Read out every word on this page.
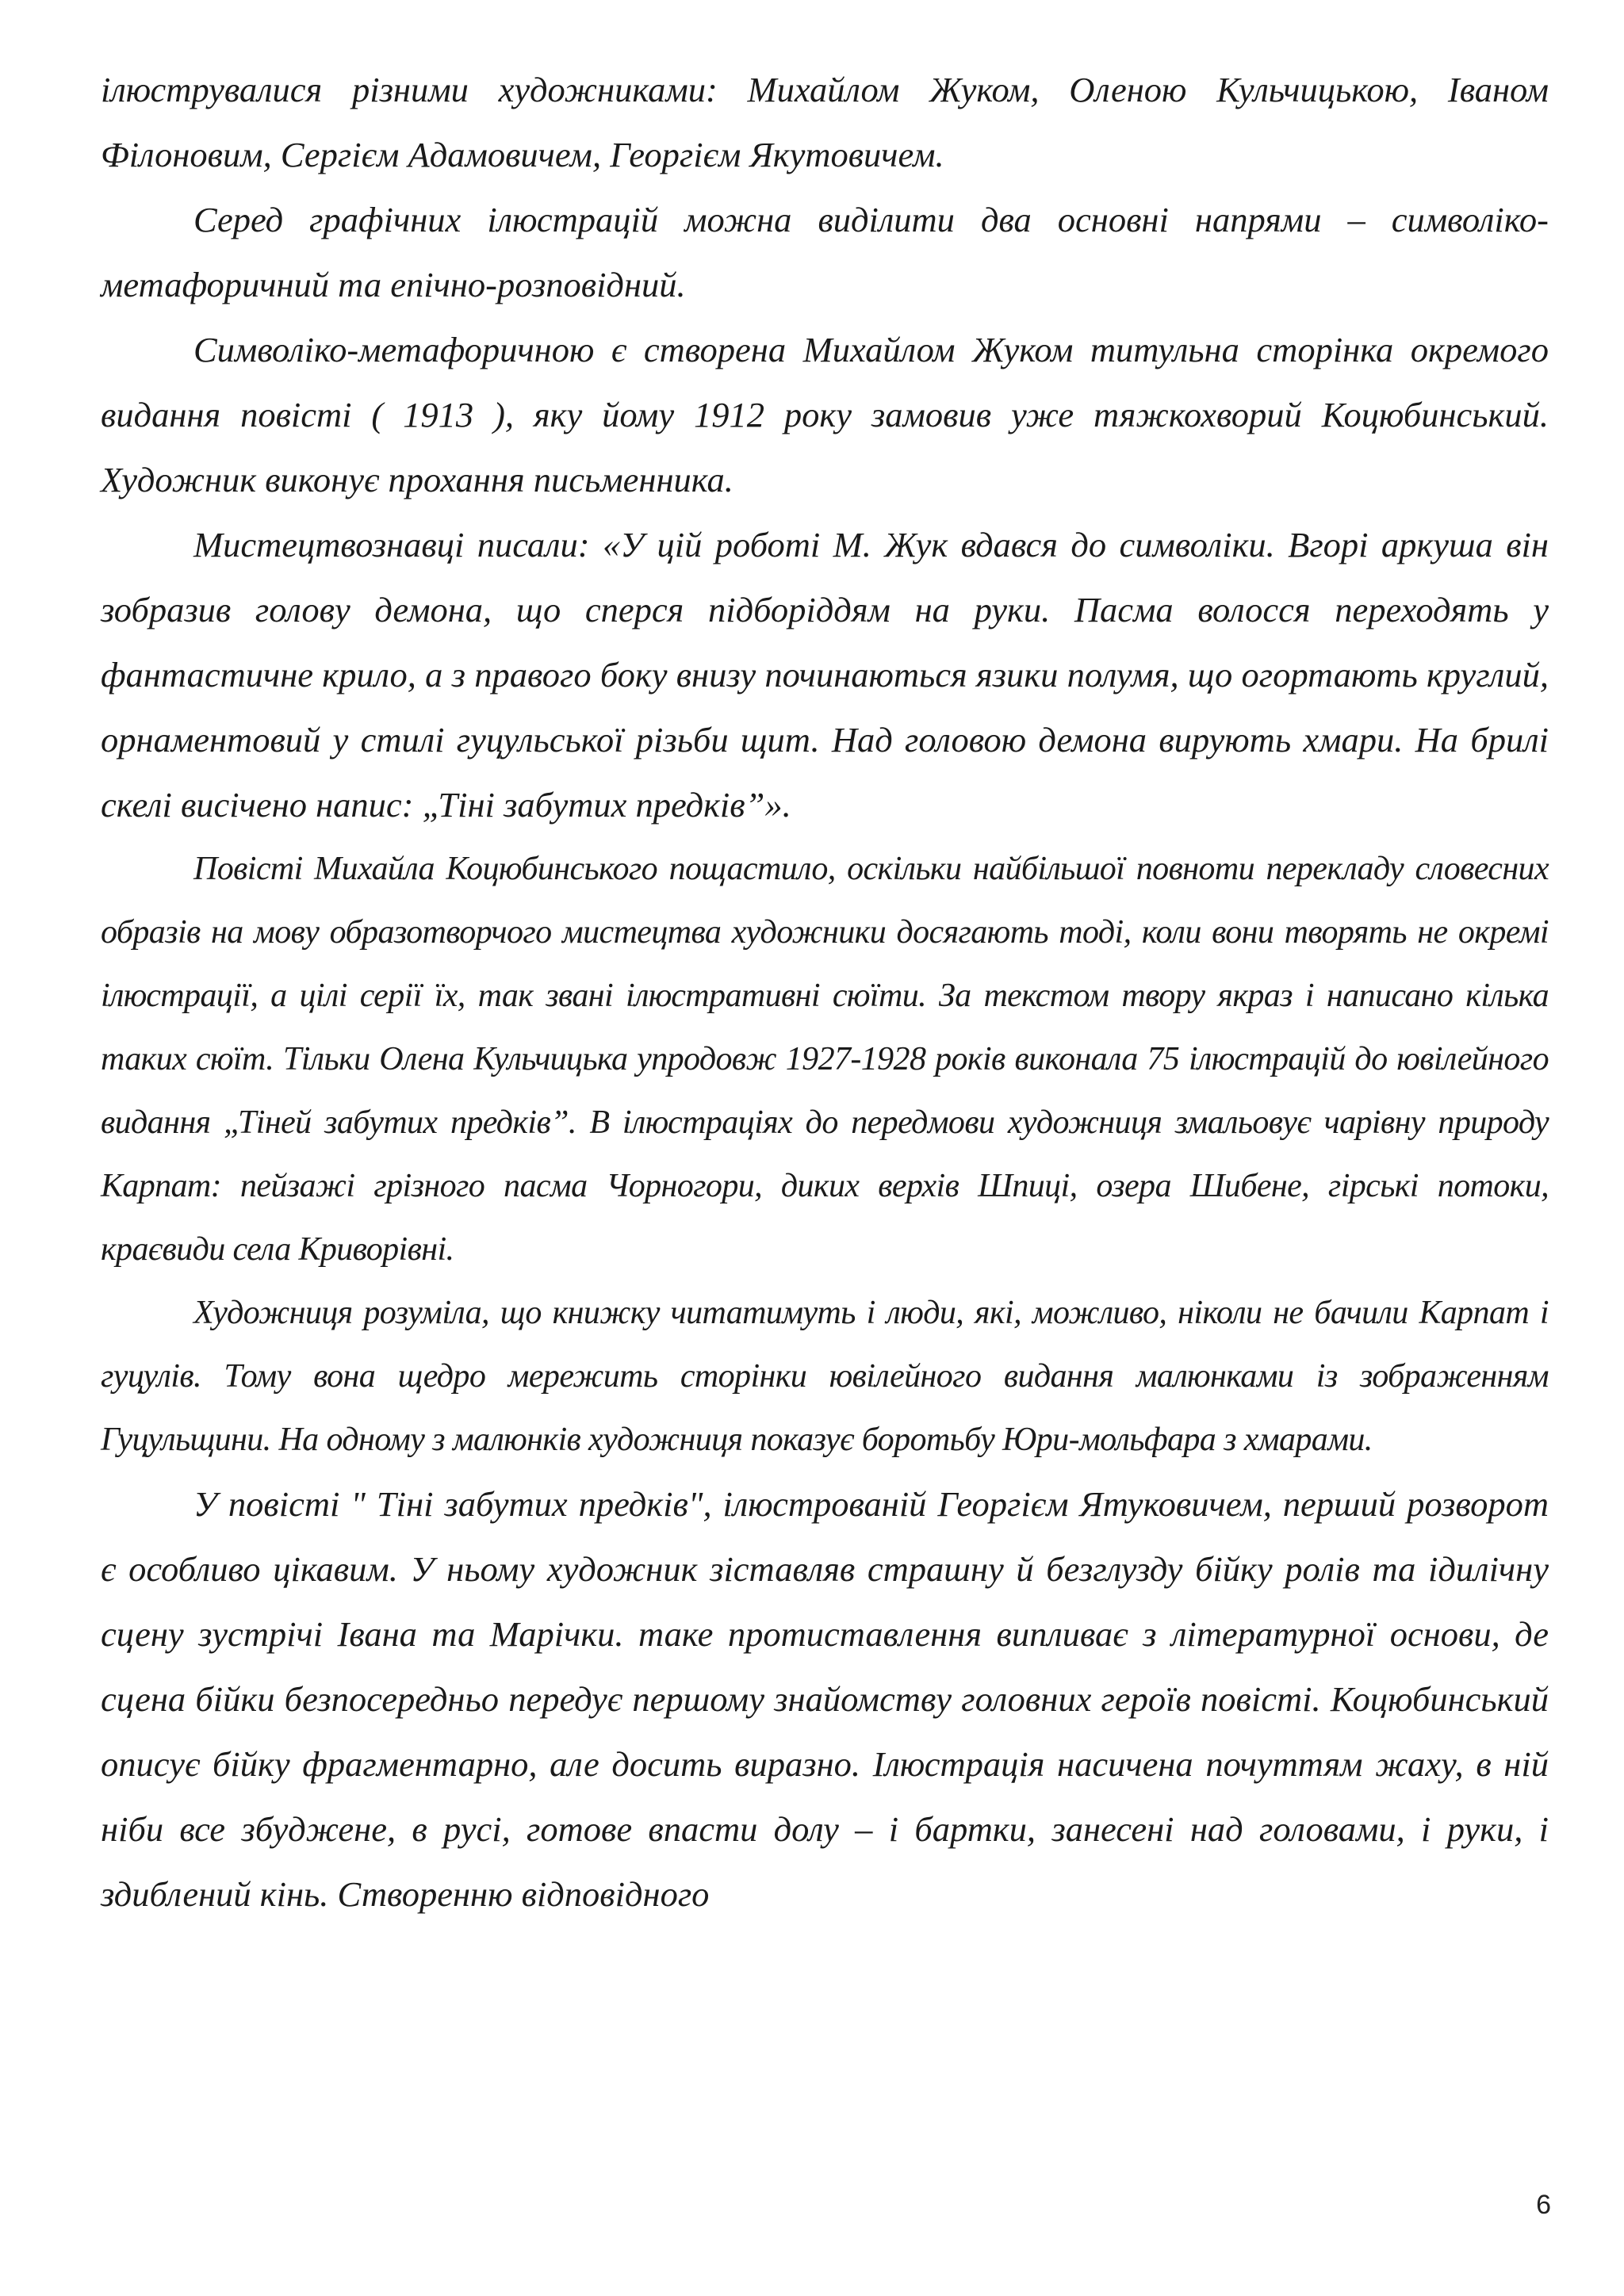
ілюструвалися різними художниками: Михайлом Жуком, Оленою Кульчицькою, Іваном Філоновим, Сергієм Адамовичем, Георгієм Якутовичем.

Серед графічних ілюстрацій можна виділити два основні напрями – символіко-метафоричний та епічно-розповідний.

Символіко-метафоричною є створена Михайлом Жуком титульна сторінка окремого видання повісті ( 1913 ), яку йому 1912 року замовив уже тяжкохворий Коцюбинський. Художник виконує прохання письменника.

Мистецтвознавці писали: «У цій роботі М. Жук вдався до символіки. Вгорі аркуша він зобразив голову демона, що сперся підборіддям на руки. Пасма волосся переходять у фантастичне крило, а з правого боку внизу починаються язики полумя, що огортають круглий, орнаментовий у стилі гуцульської різьби щит. Над головою демона вирують хмари. На брилі скелі висічено напис: „Тіні забутих предків”».

Повісті Михайла Коцюбинського пощастило, оскільки найбільшої повноти перекладу словесних образів на мову образотворчого мистецтва художники досягають тоді, коли вони творять не окремі ілюстрації, а цілі серії їх, так звані ілюстративні сюїти. За текстом твору якраз і написано кілька таких сюїт. Тільки Олена Кульчицька упродовж 1927-1928 років виконала 75 ілюстрацій до ювілейного видання „Тіней забутих предків”. В ілюстраціях до передмови художниця змальовує чарівну природу Карпат: пейзажі грізного пасма Чорногори, диких верхів Шпиці, озера Шибене, гірські потоки, краєвиди села Криворівні.

Художниця розуміла, що книжку читатимуть і люди, які, можливо, ніколи не бачили Карпат і гуцулів. Тому вона щедро мережить сторінки ювілейного видання малюнками із зображенням Гуцульщини. На одному з малюнків художниця показує боротьбу Юри-мольфара з хмарами.

У повісті " Тіні забутих предків", ілюстрованій Георгієм Ятуковичем, перший розворот є особливо цікавим. У ньому художник зіставляв страшну й безглузду бійку ролів та ідилічну сцену зустрічі Івана та Марічки. таке протиставлення випливає з літературної основи, де сцена бійки безпосередньо передує першому знайомству головних героїв повісті. Коцюбинський описує бійку фрагментарно, але досить виразно. Ілюстрація насичена почуттям жаху, в ній ніби все збуджене, в русі, готове впасти долу – і бартки, занесені над головами, і руки, і здиблений кінь. Створенню відповідного

6
